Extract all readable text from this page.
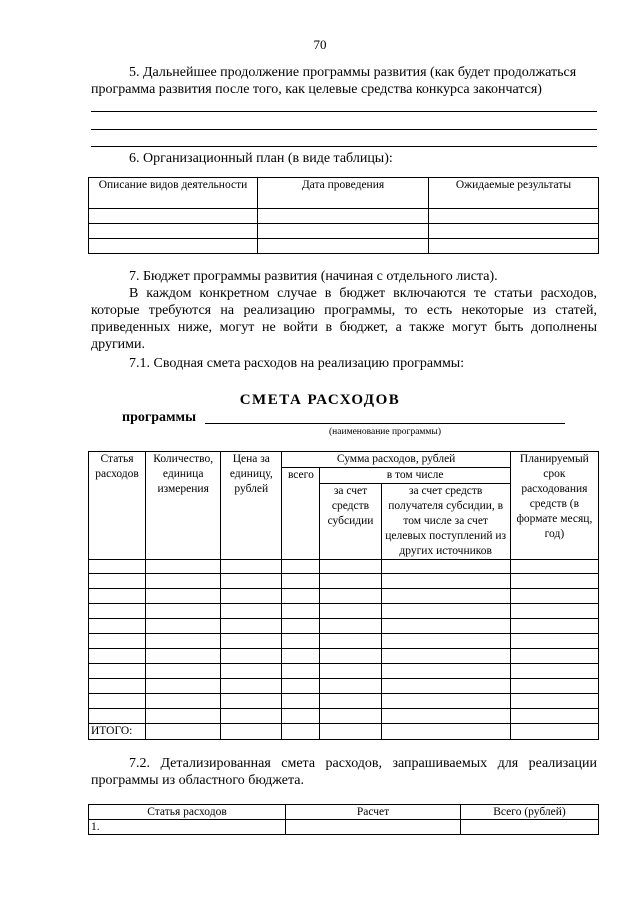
70
5. Дальнейшее продолжение программы развития (как будет продолжаться
программа развития после того, как целевые средства конкурса закончатся)
6. Организационный план (в виде таблицы):
Описание видов деятельности	Дата проведения	Ожидаемые результаты

7. Бюджет программы развития (начиная с отдельного листа).
В каждом конкретном случае в бюджет включаются те статьи расходов, которые требуются на реализацию программы, то есть некоторые из статей, приведенных ниже, могут не войти в бюджет, а также могут быть дополнены другими.
7.1. Сводная смета расходов на реализацию программы:
СМЕТА РАСХОДОВ
программы
(наименование программы)
Статья расходов	Количество, единица измерения	Цена за единицу, рублей	Сумма расходов, рублей			Планируемый срок расходования средств (в формате месяц, год)
			всего	в том числе		
				за счет средств субсидии	за счет средств получателя субсидии, в том числе за счет целевых поступлений из других источников	

ИТОГО:						
7.2. Детализированная смета расходов, запрашиваемых для реализации программы из областного бюджета.
Статья расходов	Расчет	Всего (рублей)
1.		
